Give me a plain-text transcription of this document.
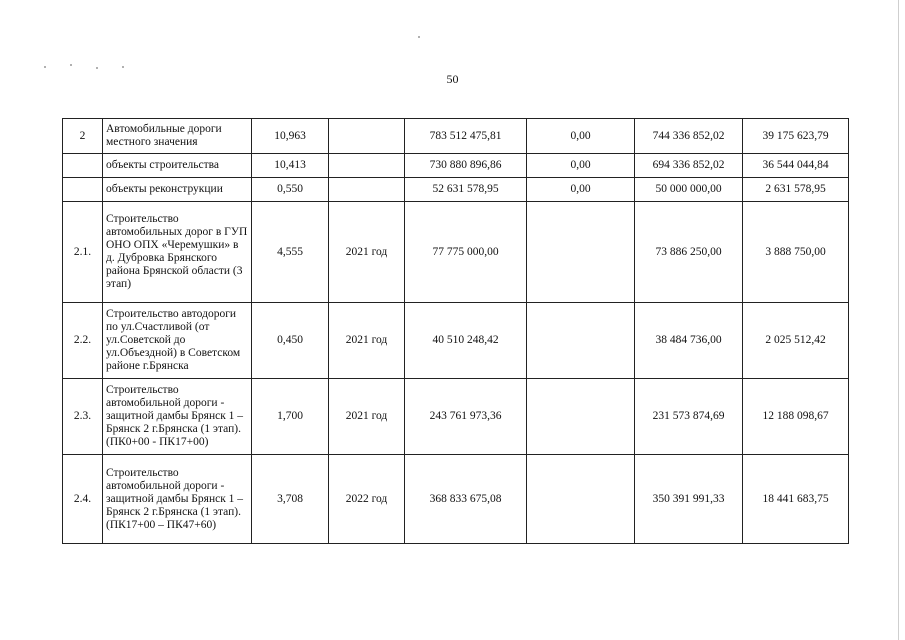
50
2	Автомобильные дороги местного значения	10,963		783 512 475,81	0,00	744 336 852,02	39 175 623,79
	объекты строительства	10,413		730 880 896,86	0,00	694 336 852,02	36 544 044,84
	объекты реконструкции	0,550		52 631 578,95	0,00	50 000 000,00	2 631 578,95
2.1.	Строительство автомобильных дорог в ГУП ОНО ОПХ «Черемушки» в д. Дубровка Брянского района Брянской области (3 этап)	4,555	2021 год	77 775 000,00		73 886 250,00	3 888 750,00
2.2.	Строительство автодороги по ул.Счастливой (от ул.Советской до ул.Объездной) в Советском районе г.Брянска	0,450	2021 год	40 510 248,42		38 484 736,00	2 025 512,42
2.3.	Строительство автомобильной дороги - защитной дамбы Брянск 1 – Брянск 2 г.Брянска (1 этап). (ПК0+00 - ПК17+00)	1,700	2021 год	243 761 973,36		231 573 874,69	12 188 098,67
2.4.	Строительство автомобильной дороги - защитной дамбы Брянск 1 – Брянск 2 г.Брянска (1 этап). (ПК17+00 – ПК47+60)	3,708	2022 год	368 833 675,08		350 391 991,33	18 441 683,75
